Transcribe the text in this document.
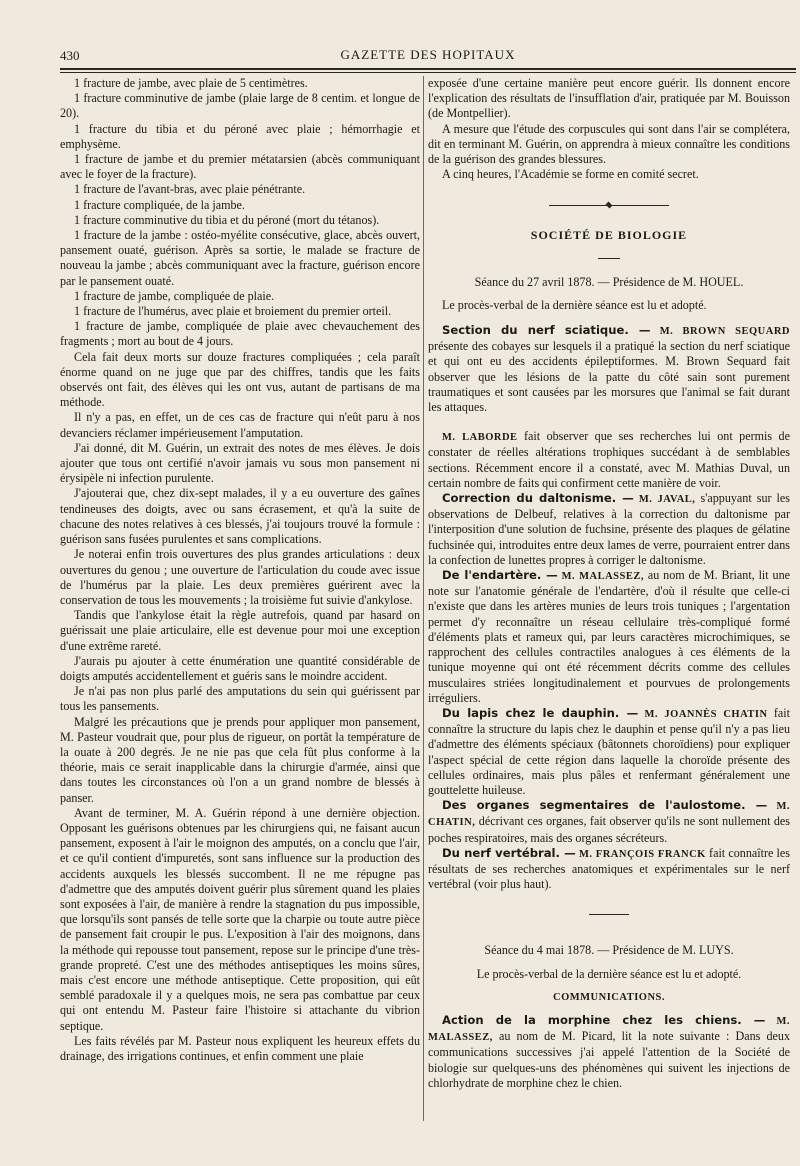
430	GAZETTE DES HOPITAUX

1 fracture de jambe, avec plaie de 5 centimètres.

1 fracture comminutive de jambe (plaie large de 8 centim. et longue de 20).

1 fracture du tibia et du péroné avec plaie ; hémorrhagie et emphysème.

1 fracture de jambe et du premier métatarsien (abcès communiquant avec le foyer de la fracture).

1 fracture de l'avant-bras, avec plaie pénétrante.

1 fracture compliquée, de la jambe.

1 fracture comminutive du tibia et du péroné (mort du tétanos).

1 fracture de la jambe : ostéo-myélite consécutive, glace, abcès ouvert, pansement ouaté, guérison. Après sa sortie, le malade se fracture de nouveau la jambe ; abcès communiquant avec la fracture, guérison encore par le pansement ouaté.

1 fracture de jambe, compliquée de plaie.

1 fracture de l'humérus, avec plaie et broiement du premier orteil.

1 fracture de jambe, compliquée de plaie avec chevauchement des fragments ; mort au bout de 4 jours.

Cela fait deux morts sur douze fractures compliquées ; cela paraît énorme quand on ne juge que par des chiffres, tandis que les faits observés ont fait, des élèves qui les ont vus, autant de partisans de ma méthode.

Il n'y a pas, en effet, un de ces cas de fracture qui n'eût paru à nos devanciers réclamer impérieusement l'amputation.

J'ai donné, dit M. Guérin, un extrait des notes de mes élèves. Je dois ajouter que tous ont certifié n'avoir jamais vu sous mon pansement ni érysipèle ni infection purulente.

J'ajouterai que, chez dix-sept malades, il y a eu ouverture des gaînes tendineuses des doigts, avec ou sans écrasement, et qu'à la suite de chacune des notes relatives à ces blessés, j'ai toujours trouvé la formule : guérison sans fusées purulentes et sans complications.

Je noterai enfin trois ouvertures des plus grandes articulations : deux ouvertures du genou ; une ouverture de l'articulation du coude avec issue de l'humérus par la plaie. Les deux premières guérirent avec la conservation de tous les mouvements ; la troisième fut suivie d'ankylose.

Tandis que l'ankylose était la règle autrefois, quand par hasard on guérissait une plaie articulaire, elle est devenue pour moi une exception d'une extrême rareté.

J'aurais pu ajouter à cette énumération une quantité considérable de doigts amputés accidentellement et guéris sans le moindre accident.

Je n'ai pas non plus parlé des amputations du sein qui guérissent par tous les pansements.

Malgré les précautions que je prends pour appliquer mon pansement, M. Pasteur voudrait que, pour plus de rigueur, on portât la température de la ouate à 200 degrés. Je ne nie pas que cela fût plus conforme à la théorie, mais ce serait inapplicable dans la chirurgie d'armée, ainsi que dans toutes les circonstances où l'on a un grand nombre de blessés à panser.

Avant de terminer, M. A. Guérin répond à une dernière objection. Opposant les guérisons obtenues par les chirurgiens qui, ne faisant aucun pansement, exposent à l'air le moignon des amputés, on a conclu que l'air, et ce qu'il contient d'impuretés, sont sans influence sur la production des accidents auxquels les blessés succombent. Il ne me répugne pas d'admettre que des amputés doivent guérir plus sûrement quand les plaies sont exposées à l'air, de manière à rendre la stagnation du pus impossible, que lorsqu'ils sont pansés de telle sorte que la charpie ou toute autre pièce de pansement fait croupir le pus. L'exposition à l'air des moignons, dans la méthode qui repousse tout pansement, repose sur le principe d'une très-grande propreté. C'est une des méthodes antiseptiques les moins sûres, mais c'est encore une méthode antiseptique. Cette proposition, qui eût semblé paradoxale il y a quelques mois, ne sera pas combattue par ceux qui ont entendu M. Pasteur faire l'histoire si attachante du vibrion septique.

Les faits révélés par M. Pasteur nous expliquent les heureux effets du drainage, des irrigations continues, et enfin comment une plaie

exposée d'une certaine manière peut encore guérir. Ils donnent encore l'explication des résultats de l'insufflation d'air, pratiquée par M. Bouisson (de Montpellier).

A mesure que l'étude des corpuscules qui sont dans l'air se complétera, dit en terminant M. Guérin, on apprendra à mieux connaître les conditions de la guérison des grandes blessures.

A cinq heures, l'Académie se forme en comité secret.

SOCIÉTÉ DE BIOLOGIE

Séance du 27 avril 1878. — Présidence de M. HOUEL.

Le procès-verbal de la dernière séance est lu et adopté.

Section du nerf sciatique. — M. BROWN SEQUARD présente des cobayes sur lesquels il a pratiqué la section du nerf sciatique et qui ont eu des accidents épileptiformes. M. Brown Sequard fait observer que les lésions de la patte du côté sain sont purement traumatiques et sont causées par les morsures que l'animal se fait durant les attaques.

M. LABORDE fait observer que ses recherches lui ont permis de constater de réelles altérations trophiques succédant à de semblables sections. Récemment encore il a constaté, avec M. Mathias Duval, un certain nombre de faits qui confirment cette manière de voir.

Correction du daltonisme. — M. JAVAL, s'appuyant sur les observations de Delbeuf, relatives à la correction du daltonisme par l'interposition d'une solution de fuchsine, présente des plaques de gélatine fuchsinée qui, introduites entre deux lames de verre, pourraient entrer dans la confection de lunettes propres à corriger le daltonisme.

De l'endartère. — M. MALASSEZ, au nom de M. Briant, lit une note sur l'anatomie générale de l'endartère, d'où il résulte que celle-ci n'existe que dans les artères munies de leurs trois tuniques ; l'argentation permet d'y reconnaître un réseau cellulaire très-compliqué formé d'éléments plats et rameux qui, par leurs caractères microchimiques, se rapprochent des cellules contractiles analogues à ces éléments de la tunique moyenne qui ont été récemment décrits comme des cellules musculaires striées longitudinalement et pourvues de prolongements irréguliers.

Du lapis chez le dauphin. — M. JOANNÈS CHATIN fait connaître la structure du lapis chez le dauphin et pense qu'il n'y a pas lieu d'admettre des éléments spéciaux (bâtonnets choroïdiens) pour expliquer l'aspect spécial de cette région dans laquelle la choroïde présente des cellules ordinaires, mais plus pâles et renfermant généralement une gouttelette huileuse.

Des organes segmentaires de l'aulostome. — M. CHATIN, décrivant ces organes, fait observer qu'ils ne sont nullement des poches respiratoires, mais des organes sécréteurs.

Du nerf vertébral. — M. FRANÇOIS FRANCK fait connaître les résultats de ses recherches anatomiques et expérimentales sur le nerf vertébral (voir plus haut).

Séance du 4 mai 1878. — Présidence de M. LUYS.

Le procès-verbal de la dernière séance est lu et adopté.

COMMUNICATIONS.

Action de la morphine chez les chiens. — M. MALASSEZ, au nom de M. Picard, lit la note suivante : Dans deux communications successives j'ai appelé l'attention de la Société de biologie sur quelques-uns des phénomènes qui suivent les injections de chlorhydrate de morphine chez le chien.
